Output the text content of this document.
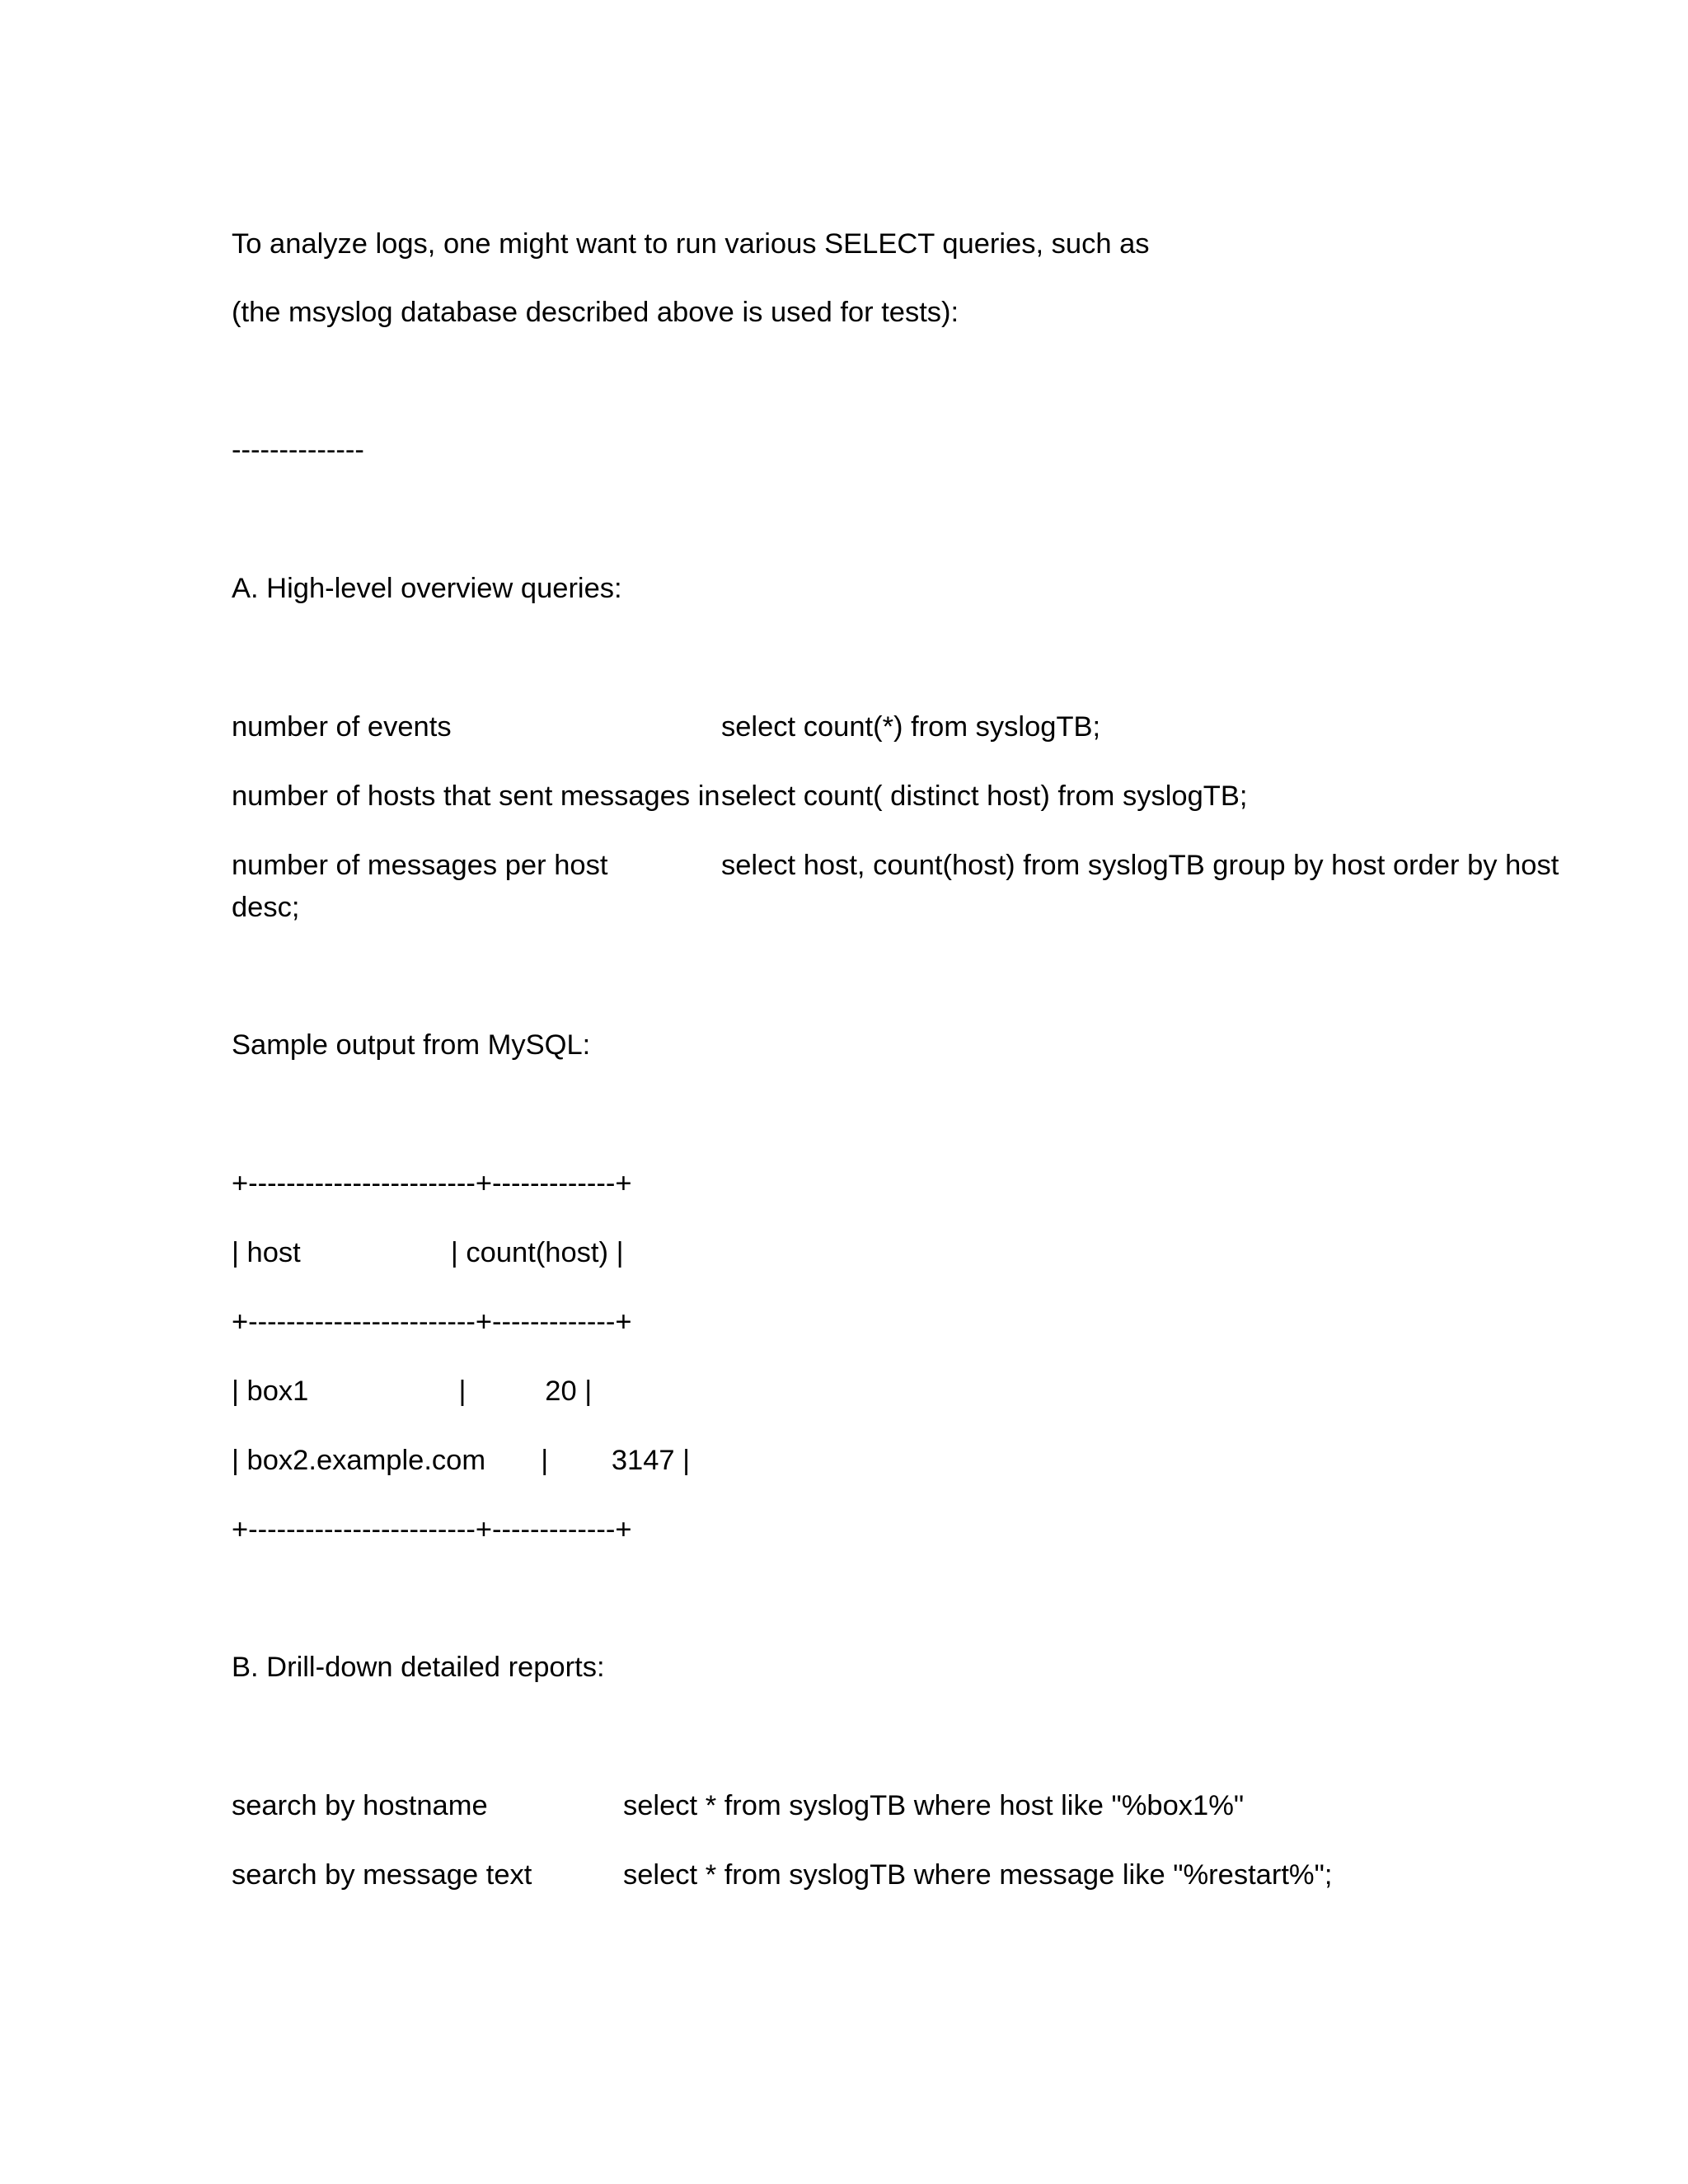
To analyze logs, one might want to run various SELECT queries, such as

(the msyslog database described above is used for tests):

--------------

A. High-level overview queries:

number of events	select count(*) from syslogTB;

number of hosts that sent messages in select count( distinct host) from syslogTB;

number of messages per host	select host, count(host) from syslogTB group by host order by host

desc;

Sample output from MySQL:

+------------------------+-------------+

| host                   | count(host) |

+------------------------+-------------+

| box1                   |          20 |

| box2.example.com       |        3147 |

+------------------------+-------------+

B. Drill-down detailed reports:

search by hostname	select * from syslogTB where host like "%box1%"

search by message text	select * from syslogTB where message like "%restart%";
